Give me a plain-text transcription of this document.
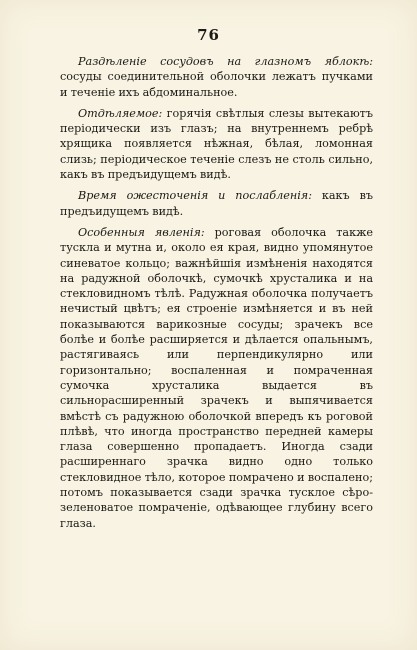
76

Раздѣленіе сосудовъ на глазномъ яблокѣ: сосуды соединительной оболочки лежатъ пучками и теченіе ихъ абдоминальное.

Отдѣляемое: горячія свѣтлыя слезы вытекаютъ періодически изъ глазъ; на внутреннемъ ребрѣ хрящика появляется нѣжная, бѣлая, ломонная слизь; періодическое теченіе слезъ не столь сильно, какъ въ предъидущемъ видѣ.

Время ожесточенія и послабленія: какъ въ предъидущемъ видѣ.

Особенныя явленія: роговая оболочка также тускла и мутна и, около ея края, видно упомянутое синеватое кольцо; важнѣйшія измѣненія находятся на радужной оболочкѣ, сумочкѣ хрусталика и на стекловидномъ тѣлѣ. Радужная оболочка получаетъ нечистый цвѣтъ; ея строеніе измѣняется и въ ней показываются варикозные сосуды; зрачекъ все болѣе и болѣе расширяется и дѣлается опальнымъ, растягиваясь или перпендикулярно или горизонтально; воспаленная и помраченная сумочка хрусталика выдается въ сильнорасширенный зрачекъ и выпячивается вмѣстѣ съ радужною оболочкой впередъ къ роговой плѣвѣ, что иногда пространство передней камеры глаза совершенно пропадаетъ. Иногда сзади расширеннаго зрачка видно одно только стекловидное тѣло, которое помрачено и воспалено; потомъ показывается сзади зрачка тусклое сѣро-зеленоватое помраченіе, одѣвающее глубину всего глаза.
